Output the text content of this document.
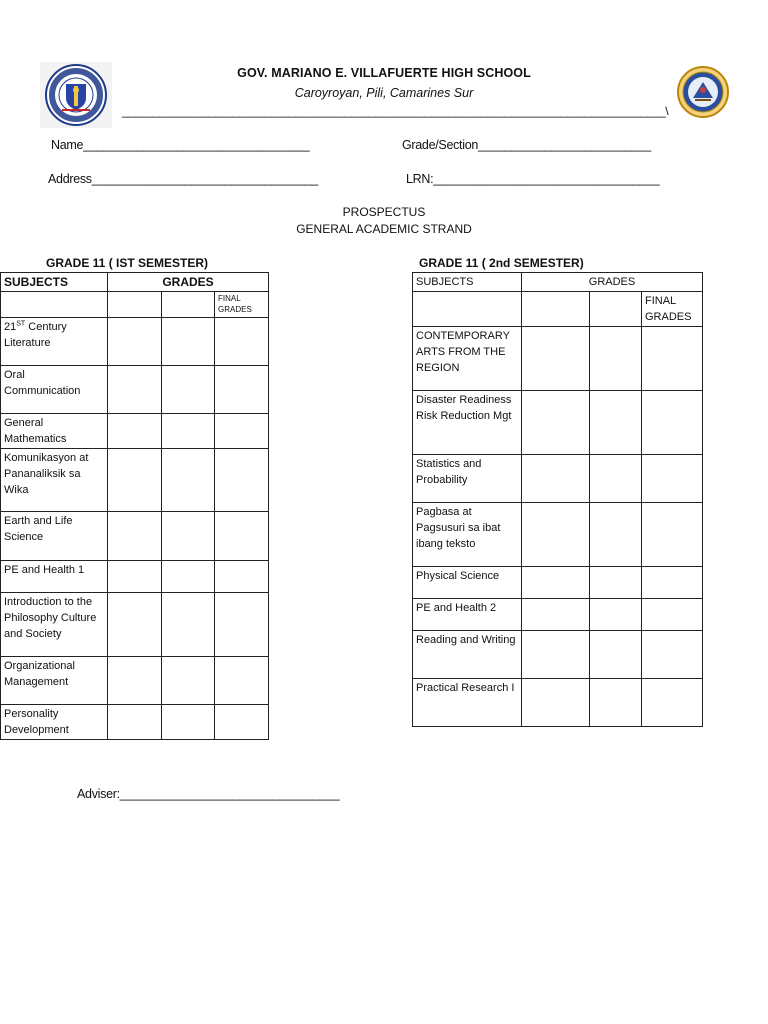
GOV. MARIANO E. VILLAFUERTE HIGH SCHOOL
Caroyroyan, Pili, Camarines Sur
________________________________________________________________________________________\
Name__________________________________	Grade/Section__________________________
Address__________________________________	LRN:__________________________________
PROSPECTUS
GENERAL ACADEMIC STRAND
GRADE 11 ( IST SEMESTER)	GRADE 11 ( 2nd SEMESTER)
SUBJECTS	GRADES		
			FINAL GRADES
21ST Century Literature			
Oral Communication			
General Mathematics			
Komunikasyon at Pananaliksik sa Wika			
Earth and Life Science			
PE and Health 1			
Introduction to the Philosophy Culture and Society			
Organizational Management			
Personality Development			
SUBJECTS	GRADES		
			FINAL GRADES
CONTEMPORARY ARTS FROM THE REGION			
Disaster Readiness Risk Reduction Mgt			
Statistics and Probability			
Pagbasa at Pagsusuri sa ibat ibang teksto			
Physical Science			
PE and Health 2			
Reading and Writing			
Practical Research I			
Adviser:_________________________________
